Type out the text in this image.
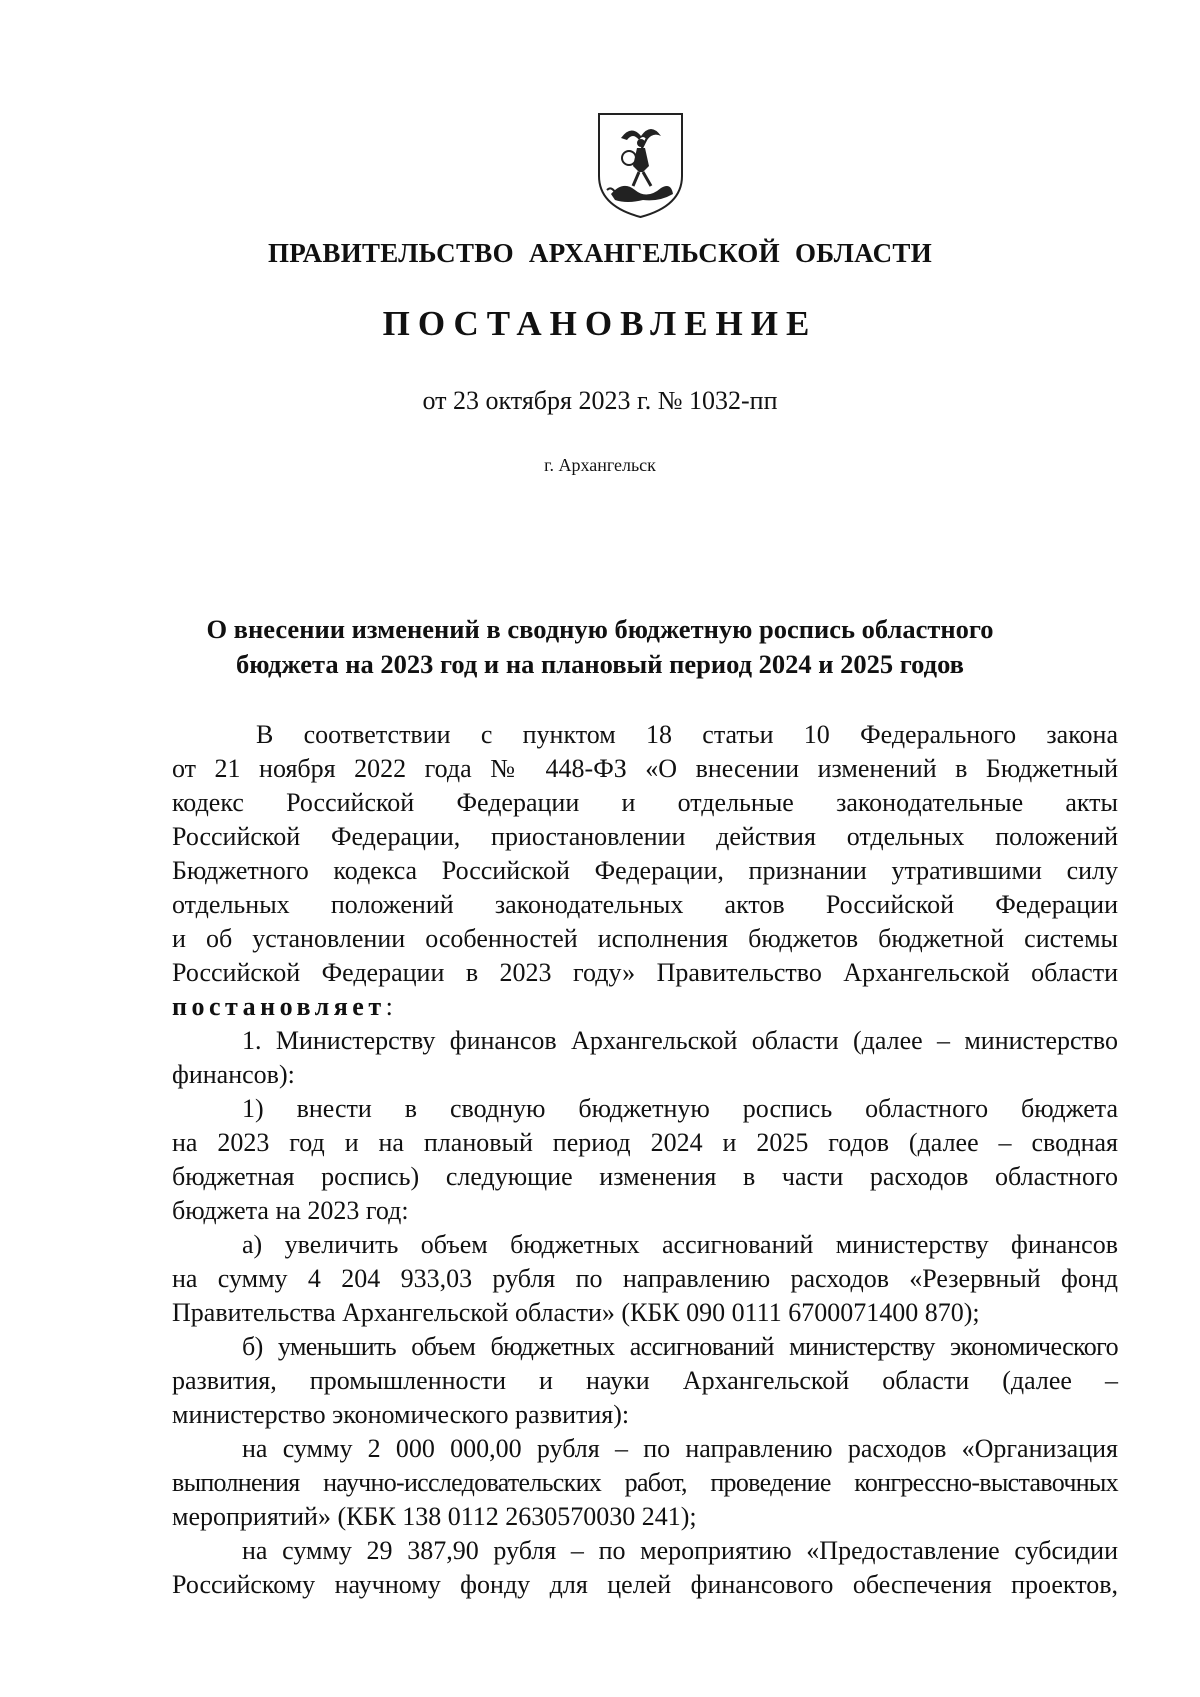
ПРАВИТЕЛЬСТВО АРХАНГЕЛЬСКОЙ ОБЛАСТИ
ПОСТАНОВЛЕНИЕ
от 23 октября 2023 г. № 1032-пп
г. Архангельск
О внесении изменений в сводную бюджетную роспись областного
бюджета на 2023 год и на плановый период 2024 и 2025 годов
В соответствии с пунктом 18 статьи 10 Федерального закона
от 21 ноября 2022 года № 448-ФЗ «О внесении изменений в Бюджетный
кодекс Российской Федерации и отдельные законодательные акты
Российской Федерации, приостановлении действия отдельных положений
Бюджетного кодекса Российской Федерации, признании утратившими силу
отдельных положений законодательных актов Российской Федерации
и об установлении особенностей исполнения бюджетов бюджетной системы
Российской Федерации в 2023 году» Правительство Архангельской области
постановляет:
1. Министерству финансов Архангельской области (далее – министерство
финансов):
1) внести в сводную бюджетную роспись областного бюджета
на 2023 год и на плановый период 2024 и 2025 годов (далее – сводная
бюджетная роспись) следующие изменения в части расходов областного
бюджета на 2023 год:
а) увеличить объем бюджетных ассигнований министерству финансов
на сумму 4 204 933,03 рубля по направлению расходов «Резервный фонд
Правительства Архангельской области» (КБК 090 0111 6700071400 870);
б) уменьшить объем бюджетных ассигнований министерству экономического
развития, промышленности и науки Архангельской области (далее –
министерство экономического развития):
на сумму 2 000 000,00 рубля – по направлению расходов «Организация
выполнения научно-исследовательских работ, проведение конгрессно-выставочных
мероприятий» (КБК 138 0112 2630570030 241);
на сумму 29 387,90 рубля – по мероприятию «Предоставление субсидии
Российскому научному фонду для целей финансового обеспечения проектов,
